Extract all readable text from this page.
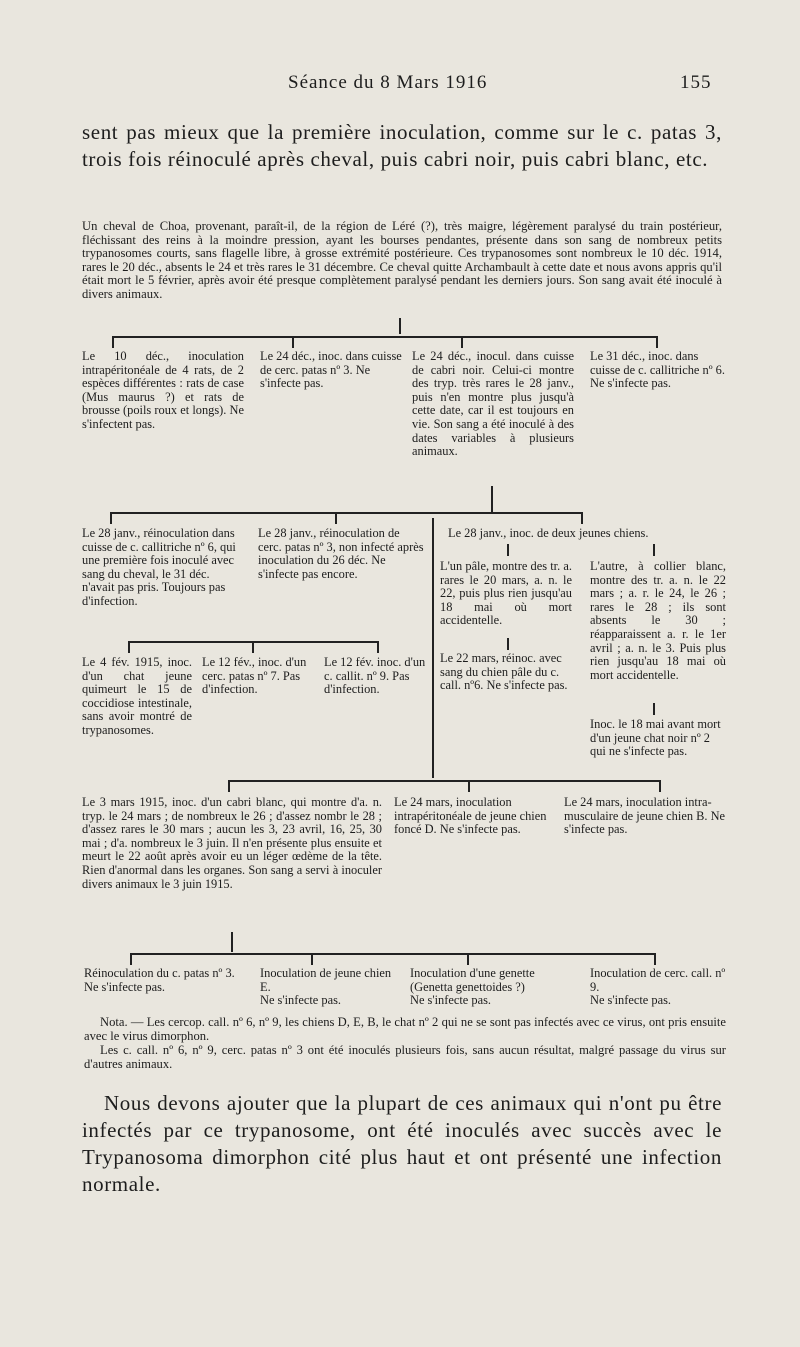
Séance du 8 Mars 1916	155
sent pas mieux que la première inoculation, comme sur le c. patas 3, trois fois réinoculé après cheval, puis cabri noir, puis cabri blanc, etc.
Un cheval de Choa, provenant, paraît-il, de la région de Léré (?), très maigre, légèrement paralysé du train postérieur, fléchissant des reins à la moindre pression, ayant les bourses pendantes, présente dans son sang de nombreux petits trypanosomes courts, sans flagelle libre, à grosse extrémité postérieure. Ces trypanosomes sont nombreux le 10 déc. 1914, rares le 20 déc., absents le 24 et très rares le 31 décembre. Ce cheval quitte Archambault à cette date et nous avons appris qu'il était mort le 5 février, après avoir été presque complètement paralysé pendant les derniers jours. Son sang avait été inoculé à divers animaux.
Le 10 déc., inoculation intrapéritonéale de 4 rats, de 2 espèces différentes : rats de case (Mus maurus ?) et rats de brousse (poils roux et longs). Ne s'infectent pas.
Le 24 déc., inoc. dans cuisse de cerc. patas nº 3. Ne s'infecte pas.
Le 24 déc., inocul. dans cuisse de cabri noir. Celui-ci montre des tryp. très rares le 28 janv., puis n'en montre plus jusqu'à cette date, car il est toujours en vie. Son sang a été inoculé à des dates variables à plusieurs animaux.
Le 31 déc., inoc. dans cuisse de c. callitriche nº 6. Ne s'infecte pas.
Le 28 janv., réinoculation dans cuisse de c. callitriche nº 6, qui une première fois inoculé avec sang du cheval, le 31 déc. n'avait pas pris. Toujours pas d'infection.
Le 28 janv., réinoculation de cerc. patas nº 3, non infecté après inoculation du 26 déc. Ne s'infecte pas encore.
Le 28 janv., inoc. de deux jeunes chiens.
L'un pâle, montre des tr. a. rares le 20 mars, a. n. le 22, puis plus rien jusqu'au 18 mai où mort accidentelle.
Le 22 mars, réinoc. avec sang du chien pâle du c. call. nº6. Ne s'infecte pas.
L'autre, à collier blanc, montre des tr. a. n. le 22 mars ; a. r. le 24, le 26 ; rares le 28 ; ils sont absents le 30 ; réapparaissent a. r. le 1er avril ; a. n. le 3. Puis plus rien jusqu'au 18 mai où mort accidentelle.
Inoc. le 18 mai avant mort d'un jeune chat noir nº 2 qui ne s'infecte pas.
Le 4 fév. 1915, inoc. d'un chat jeune quimeurt le 15 de coccidiose intestinale, sans avoir montré de trypanosomes.
Le 12 fév., inoc. d'un cerc. patas nº 7. Pas d'infection.
Le 12 fév. inoc. d'un c. callit. nº 9. Pas d'infection.
Le 3 mars 1915, inoc. d'un cabri blanc, qui montre d'a. n. tryp. le 24 mars ; de nombreux le 26 ; d'assez nombr le 28 ; d'assez rares le 30 mars ; aucun les 3, 23 avril, 16, 25, 30 mai ; d'a. nombreux le 3 juin. Il n'en présente plus ensuite et meurt le 22 août après avoir eu un léger œdème de la tête. Rien d'anormal dans les organes. Son sang a servi à inoculer divers animaux le 3 juin 1915.
Le 24 mars, inoculation intrapéritonéale de jeune chien foncé D. Ne s'infecte pas.
Le 24 mars, inoculation intra-musculaire de jeune chien B. Ne s'infecte pas.

Réinoculation du c. patas nº 3.

Ne s'infecte pas.

Inoculation de jeune chien E.

Ne s'infecte pas.

Inoculation d'une genette (Genetta genettoides ?)

Ne s'infecte pas.

Inoculation de cerc. call. nº 9.

Ne s'infecte pas.

Nota. — Les cercop. call. nº 6, nº 9, les chiens D, E, B, le chat nº 2 qui ne se sont pas infectés avec ce virus, ont pris ensuite avec le virus dimorphon.
Les c. call. nº 6, nº 9, cerc. patas nº 3 ont été inoculés plusieurs fois, sans aucun résultat, malgré passage du virus sur d'autres animaux.
Nous devons ajouter que la plupart de ces animaux qui n'ont pu être infectés par ce trypanosome, ont été inoculés avec succès avec le Trypanosoma dimorphon cité plus haut et ont présenté une infection normale.
